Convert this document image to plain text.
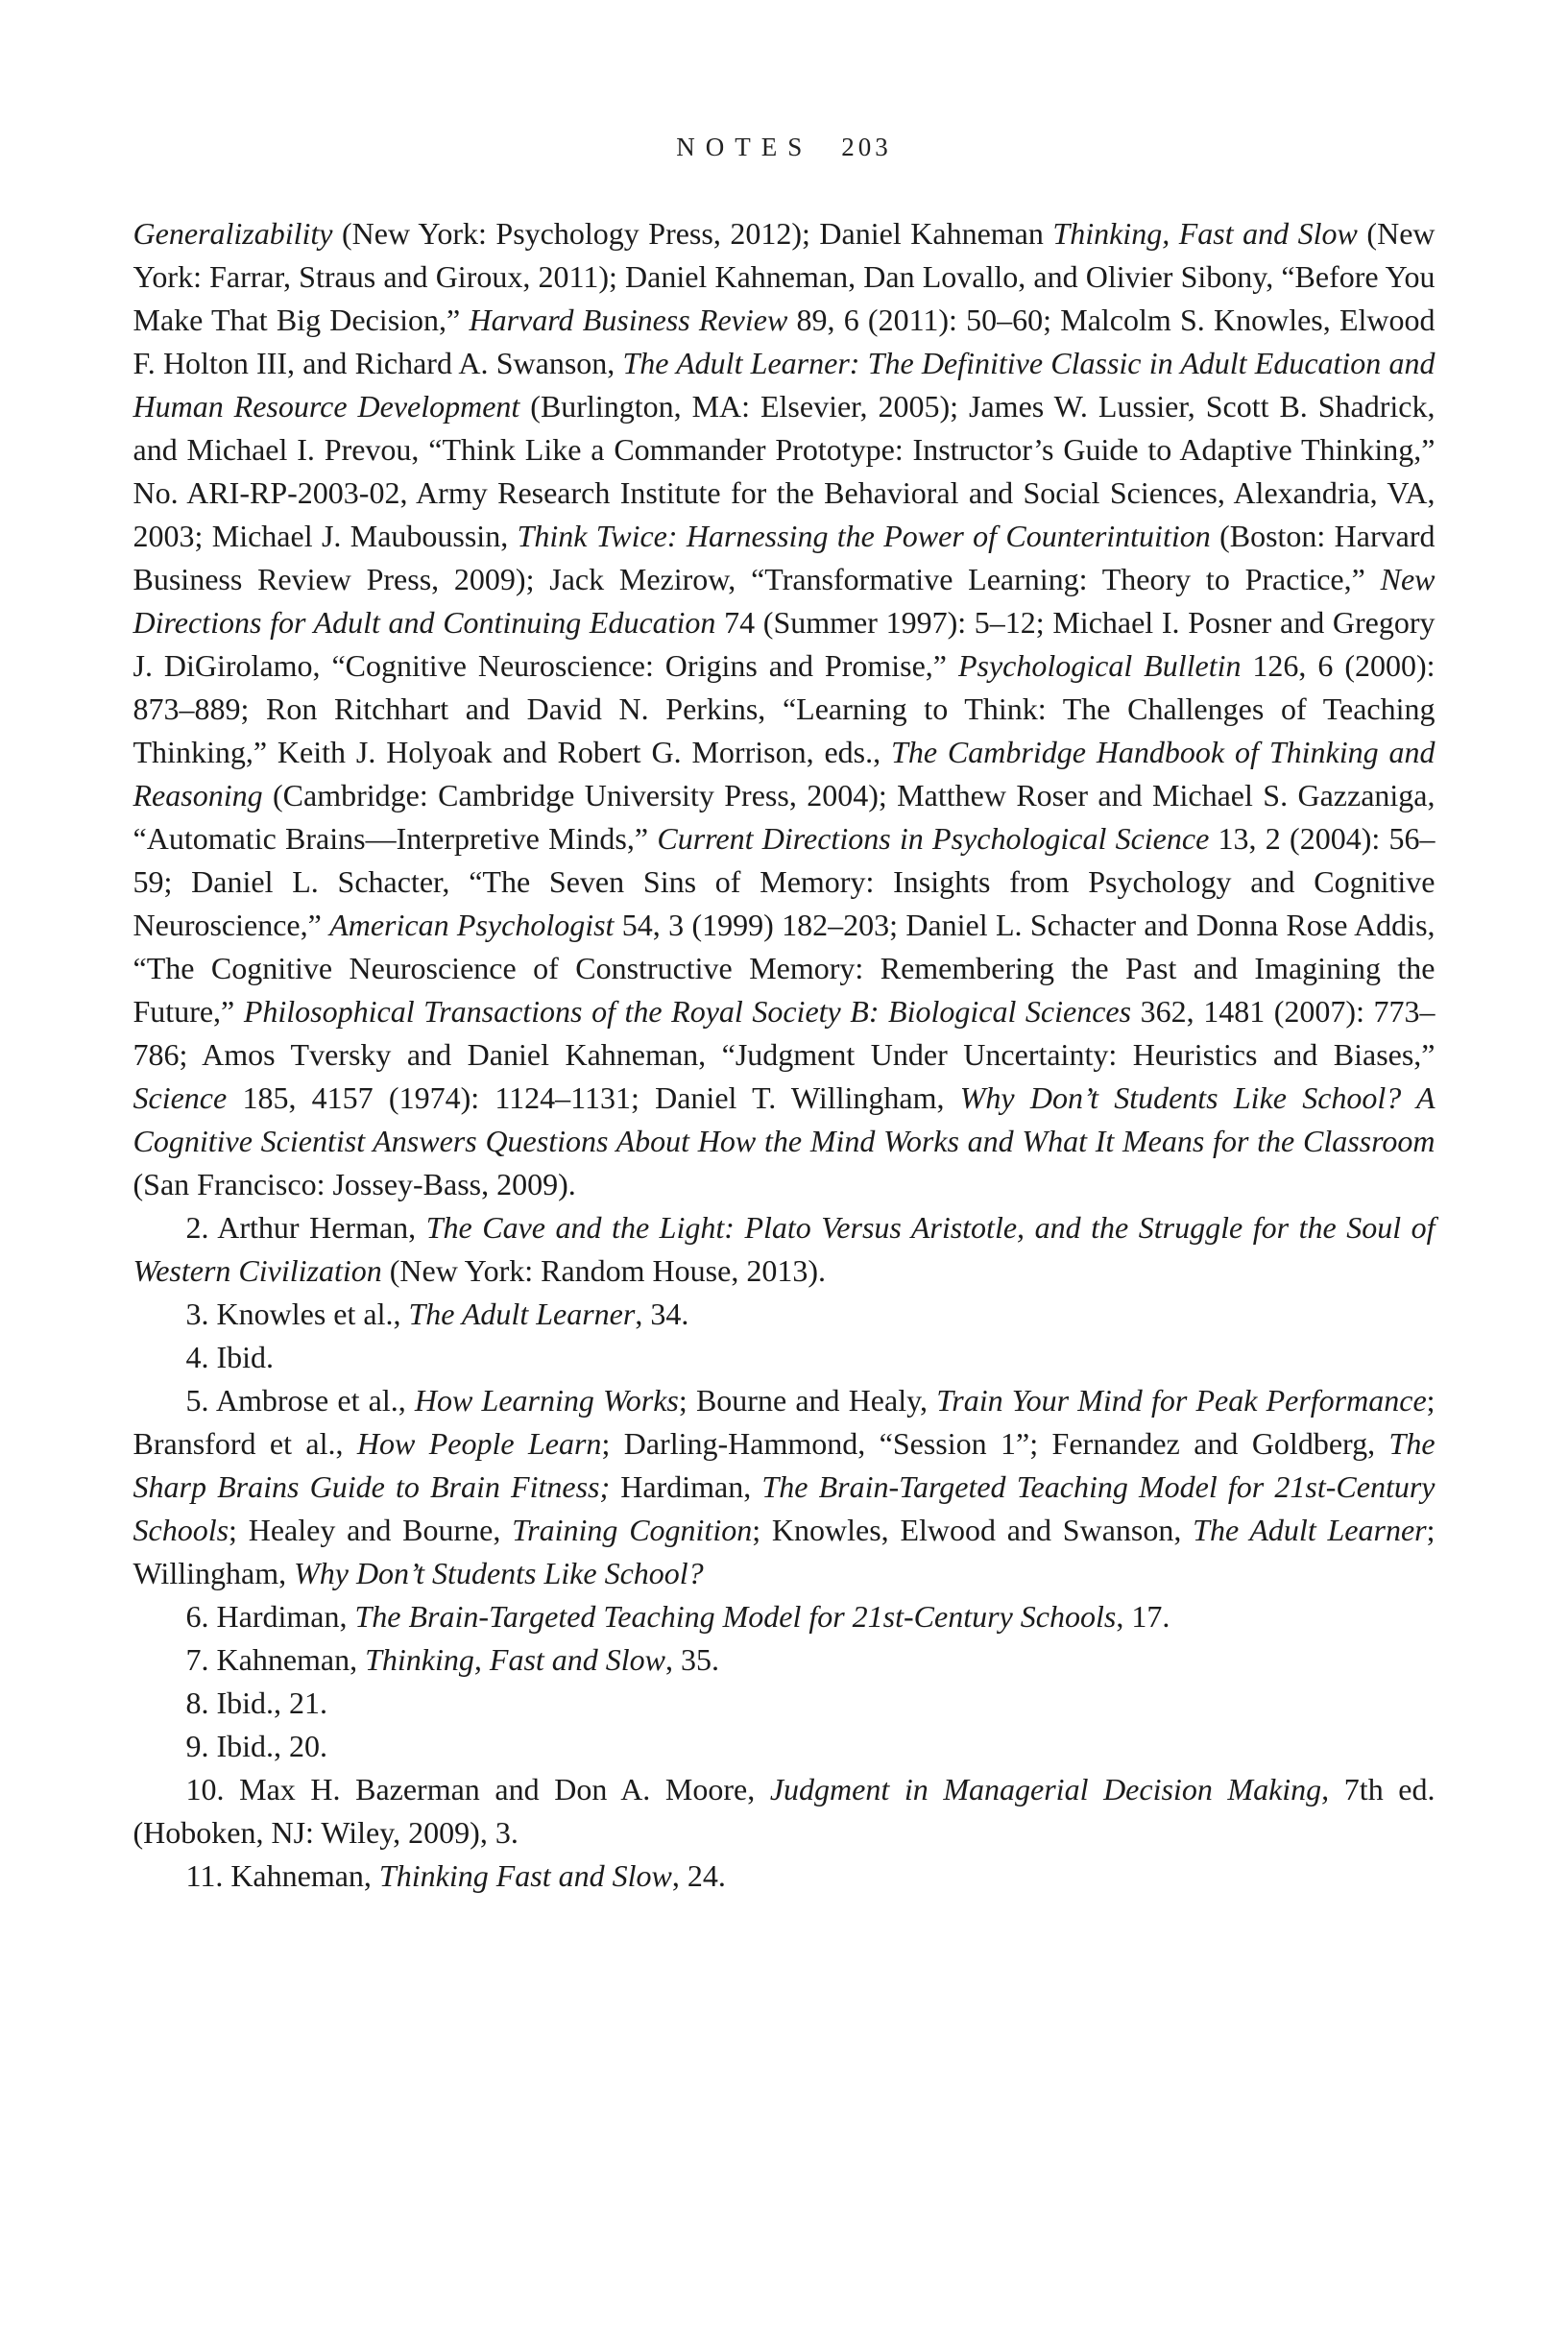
NOTES 203

Generalizability (New York: Psychology Press, 2012); Daniel Kahneman Thinking, Fast and Slow (New York: Farrar, Straus and Giroux, 2011); Daniel Kahneman, Dan Lovallo, and Olivier Sibony, “Before You Make That Big Decision,” Harvard Business Review 89, 6 (2011): 50–60; Malcolm S. Knowles, Elwood F. Holton III, and Richard A. Swanson, The Adult Learner: The Definitive Classic in Adult Education and Human Resource Development (Burlington, MA: Elsevier, 2005); James W. Lussier, Scott B. Shadrick, and Michael I. Prevou, “Think Like a Commander Prototype: Instructor’s Guide to Adaptive Thinking,” No. ARI-RP-2003-02, Army Research Institute for the Behavioral and Social Sciences, Alexandria, VA, 2003; Michael J. Mauboussin, Think Twice: Harnessing the Power of Counterintuition (Boston: Harvard Business Review Press, 2009); Jack Mezirow, “Transformative Learning: Theory to Practice,” New Directions for Adult and Continuing Education 74 (Summer 1997): 5–12; Michael I. Posner and Gregory J. DiGirolamo, “Cognitive Neuroscience: Origins and Promise,” Psychological Bulletin 126, 6 (2000): 873–889; Ron Ritchhart and David N. Perkins, “Learning to Think: The Challenges of Teaching Thinking,” Keith J. Holyoak and Robert G. Morrison, eds., The Cambridge Handbook of Thinking and Reasoning (Cambridge: Cambridge University Press, 2004); Matthew Roser and Michael S. Gazzaniga, “Automatic Brains—Interpretive Minds,” Current Directions in Psychological Science 13, 2 (2004): 56–59; Daniel L. Schacter, “The Seven Sins of Memory: Insights from Psychology and Cognitive Neuroscience,” American Psychologist 54, 3 (1999) 182–203; Daniel L. Schacter and Donna Rose Addis, “The Cognitive Neuroscience of Constructive Memory: Remembering the Past and Imagining the Future,” Philosophical Transactions of the Royal Society B: Biological Sciences 362, 1481 (2007): 773–786; Amos Tversky and Daniel Kahneman, “Judgment Under Uncertainty: Heuristics and Biases,” Science 185, 4157 (1974): 1124–1131; Daniel T. Willingham, Why Don’t Students Like School? A Cognitive Scientist Answers Questions About How the Mind Works and What It Means for the Classroom (San Francisco: Jossey-Bass, 2009).

2. Arthur Herman, The Cave and the Light: Plato Versus Aristotle, and the Struggle for the Soul of Western Civilization (New York: Random House, 2013).

3. Knowles et al., The Adult Learner, 34.

4. Ibid.

5. Ambrose et al., How Learning Works; Bourne and Healy, Train Your Mind for Peak Performance; Bransford et al., How People Learn; Darling-Hammond, “Session 1”; Fernandez and Goldberg, The Sharp Brains Guide to Brain Fitness; Hardiman, The Brain-Targeted Teaching Model for 21st-Century Schools; Healey and Bourne, Training Cognition; Knowles, Elwood and Swanson, The Adult Learner; Willingham, Why Don’t Students Like School?

6. Hardiman, The Brain-Targeted Teaching Model for 21st-Century Schools, 17.

7. Kahneman, Thinking, Fast and Slow, 35.

8. Ibid., 21.

9. Ibid., 20.

10. Max H. Bazerman and Don A. Moore, Judgment in Managerial Decision Making, 7th ed. (Hoboken, NJ: Wiley, 2009), 3.

11. Kahneman, Thinking Fast and Slow, 24.
